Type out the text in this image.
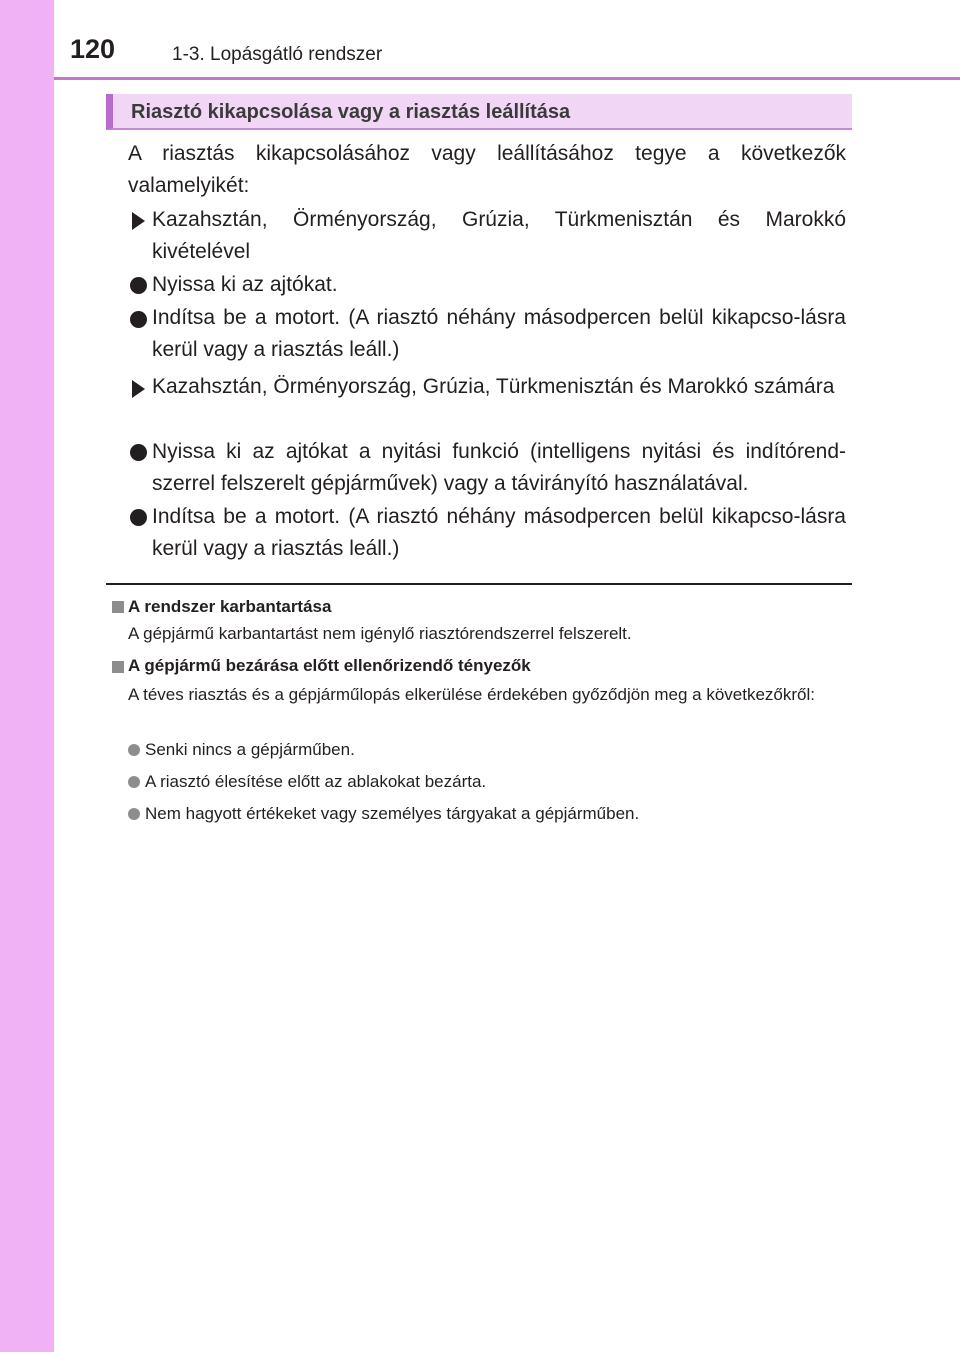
120	1-3. Lopásgátló rendszer
Riasztó kikapcsolása vagy a riasztás leállítása
A riasztás kikapcsolásához vagy leállításához tegye a következők valamelyikét:
Kazahsztán, Örményország, Grúzia, Türkmenisztán és Marokkó kivételével
Nyissa ki az ajtókat.
Indítsa be a motort. (A riasztó néhány másodpercen belül kikapcso-lásra kerül vagy a riasztás leáll.)
Kazahsztán, Örményország, Grúzia, Türkmenisztán és Marokkó számára
Nyissa ki az ajtókat a nyitási funkció (intelligens nyitási és indítórend-szerrel felszerelt gépjárművek) vagy a távirányító használatával.
Indítsa be a motort. (A riasztó néhány másodpercen belül kikapcso-lásra kerül vagy a riasztás leáll.)
A rendszer karbantartása
A gépjármű karbantartást nem igénylő riasztórendszerrel felszerelt.
A gépjármű bezárása előtt ellenőrizendő tényezők
A téves riasztás és a gépjárműlopás elkerülése érdekében győződjön meg a következőkről:
Senki nincs a gépjárműben.
A riasztó élesítése előtt az ablakokat bezárta.
Nem hagyott értékeket vagy személyes tárgyakat a gépjárműben.
